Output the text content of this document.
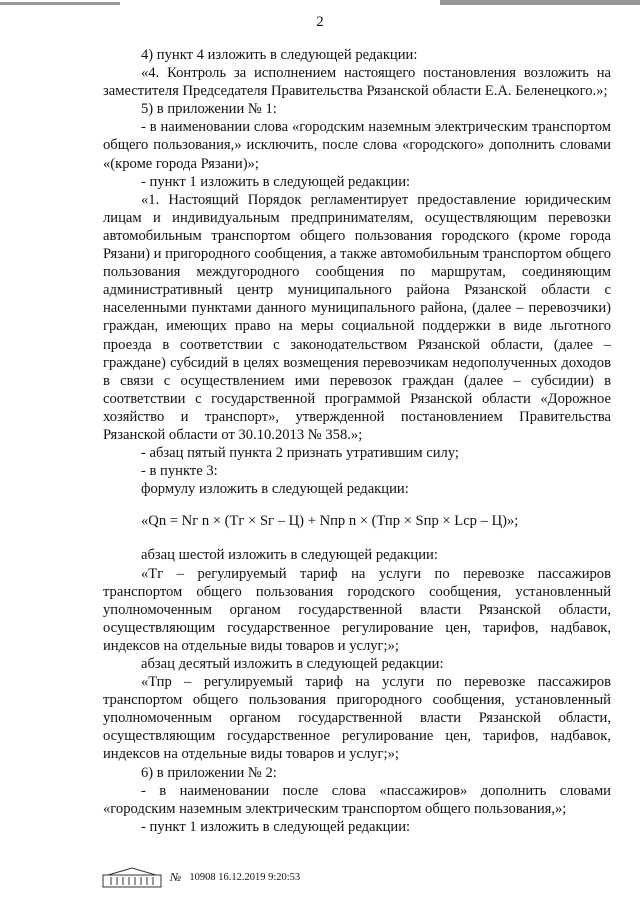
2

4) пункт 4 изложить в следующей редакции:

«4. Контроль за исполнением настоящего постановления возложить на заместителя Председателя Правительства Рязанской области Е.А. Беленецкого.»;

5) в приложении № 1:

- в наименовании слова «городским наземным электрическим транспортом общего пользования,» исключить, после слова «городского» дополнить словами «(кроме города Рязани)»;

- пункт 1 изложить в следующей редакции:

«1. Настоящий Порядок регламентирует предоставление юридическим лицам и индивидуальным предпринимателям, осуществляющим перевозки автомобильным транспортом общего пользования городского (кроме города Рязани) и пригородного сообщения, а также автомобильным транспортом общего пользования междугородного сообщения по маршрутам, соединяющим административный центр муниципального района Рязанской области с населенными пунктами данного муниципального района, (далее – перевозчики) граждан, имеющих право на меры социальной поддержки в виде льготного проезда в соответствии с законодательством Рязанской области, (далее – граждане) субсидий в целях возмещения перевозчикам недополученных доходов в связи с осуществлением ими перевозок граждан (далее – субсидии) в соответствии с государственной программой Рязанской области «Дорожное хозяйство и транспорт», утвержденной постановлением Правительства Рязанской области от 30.10.2013 № 358.»;

- абзац пятый пункта 2 признать утратившим силу;

- в пункте 3:

формулу изложить в следующей редакции:

«Qn = Nг n × (Тг × Sг – Ц) + Nпр n × (Тпр × Sпр × Lср – Ц)»;

абзац шестой изложить в следующей редакции:

«Тг – регулируемый тариф на услуги по перевозке пассажиров транспортом общего пользования городского сообщения, установленный уполномоченным органом государственной власти Рязанской области, осуществляющим государственное регулирование цен, тарифов, надбавок, индексов на отдельные виды товаров и услуг;»;

абзац десятый изложить в следующей редакции:

«Тпр – регулируемый тариф на услуги по перевозке пассажиров транспортом общего пользования пригородного сообщения, установленный уполномоченным органом государственной власти Рязанской области, осуществляющим государственное регулирование цен, тарифов, надбавок, индексов на отдельные виды товаров и услуг;»;

6) в приложении № 2:

- в наименовании после слова «пассажиров» дополнить словами «городским наземным электрическим транспортом общего пользования,»;

- пункт 1 изложить в следующей редакции:

№ 10908 16.12.2019 9:20:53
